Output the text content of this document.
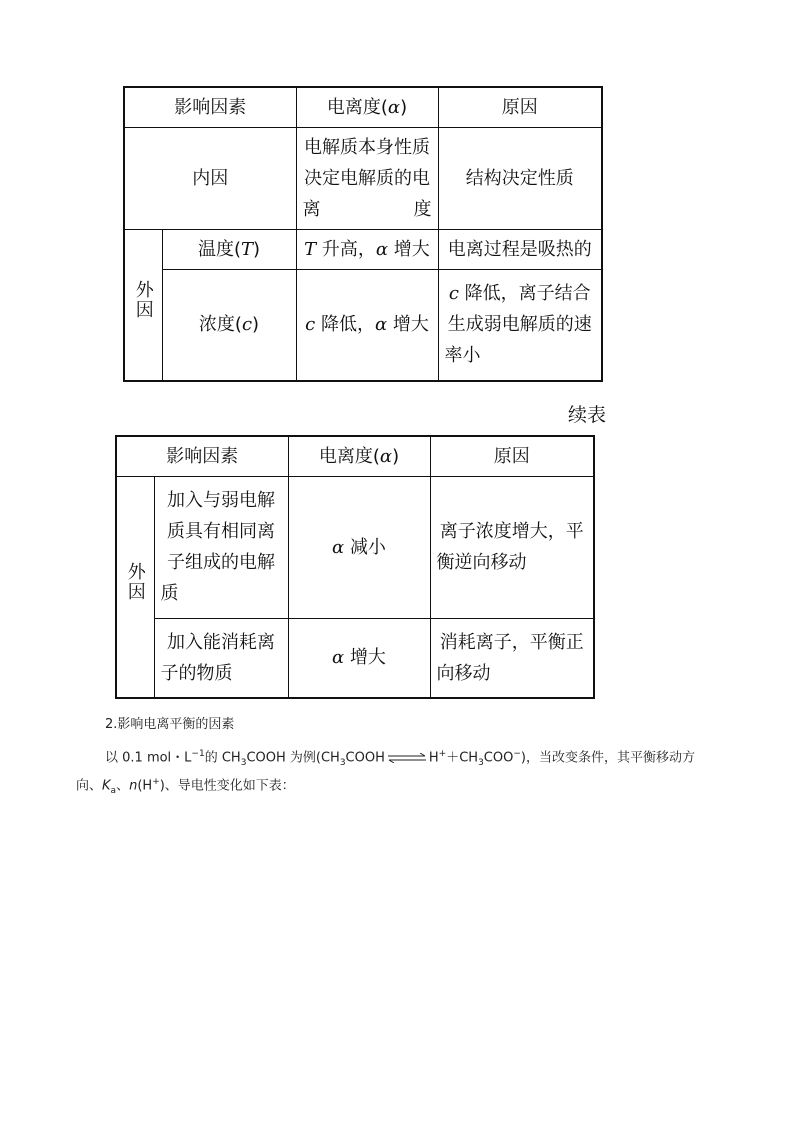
影响因素		电离度(α)	原因
内因		电解质本身性质决定电解质的电离度	结构决定性质
外因	温度(T)	T 升高，α 增大	电离过程是吸热的
	浓度(c)	c 降低，α 增大	c 降低，离子结合生成弱电解质的速率小
续表
影响因素		电离度(α)	原因
外因	加入与弱电解质具有相同离子组成的电解质	α 减小	离子浓度增大，平衡逆向移动
	加入能消耗离子的物质	α 增大	消耗离子，平衡正向移动
2.影响电离平衡的因素
以 0.1 mol・$L^{-1}$的 $CH_3COOH$ 为例($CH_3COOH$ ⇌ $H^++CH_3COO^-$)，当改变条件，其平衡移动方
向、$K_a$、n(H+)、导电性变化如下表：
